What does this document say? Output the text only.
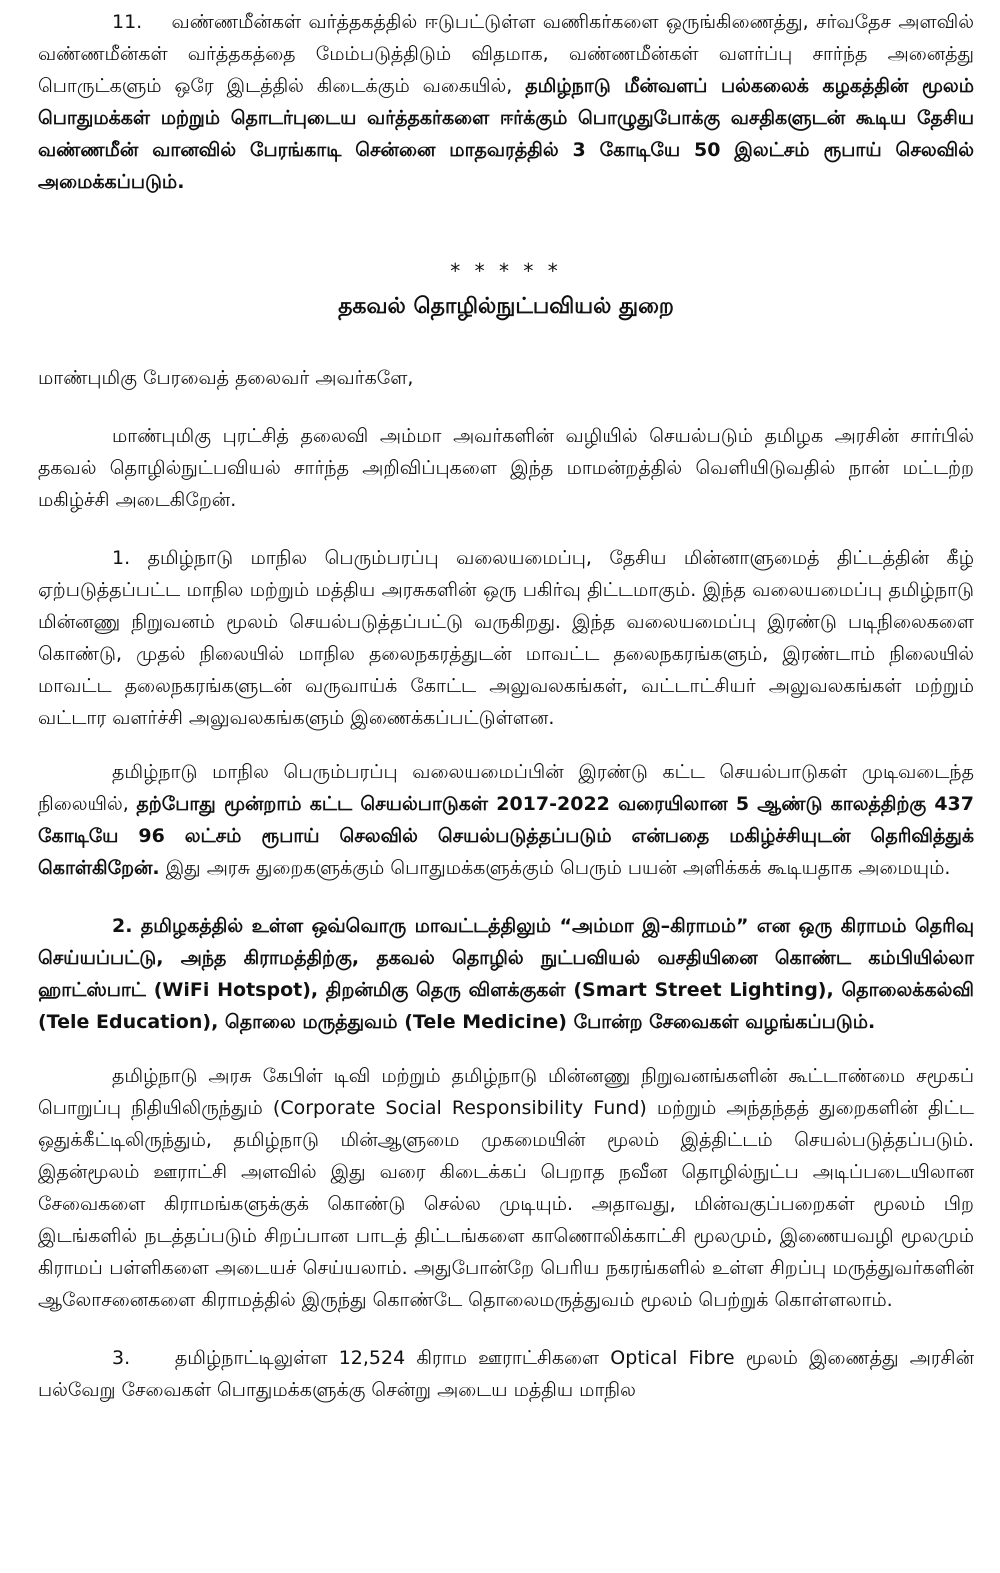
11. வண்ணமீன்கள் வர்த்தகத்தில் ஈடுபட்டுள்ள வணிகர்களை ஒருங்கிணைத்து, சர்வதேச அளவில் வண்ணமீன்கள் வர்த்தகத்தை மேம்படுத்திடும் விதமாக, வண்ணமீன்கள் வளர்ப்பு சார்ந்த அனைத்து பொருட்களும் ஒரே இடத்தில் கிடைக்கும் வகையில், தமிழ்நாடு மீன்வளப் பல்கலைக் கழகத்தின் மூலம் பொதுமக்கள் மற்றும் தொடர்புடைய வர்த்தகர்களை ஈர்க்கும் பொழுதுபோக்கு வசதிகளுடன் கூடிய தேசிய வண்ணமீன் வானவில் பேரங்காடி சென்னை மாதவரத்தில் 3 கோடியே 50 இலட்சம் ரூபாய் செலவில் அமைக்கப்படும்.

* * * * *
தகவல் தொழில்நுட்பவியல் துறை

மாண்புமிகு பேரவைத் தலைவர் அவர்களே,

மாண்புமிகு புரட்சித் தலைவி அம்மா அவர்களின் வழியில் செயல்படும் தமிழக அரசின் சார்பில் தகவல் தொழில்நுட்பவியல் சார்ந்த அறிவிப்புகளை இந்த மாமன்றத்தில் வெளியிடுவதில் நான் மட்டற்ற மகிழ்ச்சி அடைகிறேன்.

1. தமிழ்நாடு மாநில பெரும்பரப்பு வலையமைப்பு, தேசிய மின்னாளுமைத் திட்டத்தின் கீழ் ஏற்படுத்தப்பட்ட மாநில மற்றும் மத்திய அரசுகளின் ஒரு பகிர்வு திட்டமாகும். இந்த வலையமைப்பு தமிழ்நாடு மின்னணு நிறுவனம் மூலம் செயல்படுத்தப்பட்டு வருகிறது. இந்த வலையமைப்பு இரண்டு படிநிலைகளை கொண்டு, முதல் நிலையில் மாநில தலைநகரத்துடன் மாவட்ட தலைநகரங்களும், இரண்டாம் நிலையில் மாவட்ட தலைநகரங்களுடன் வருவாய்க் கோட்ட அலுவலகங்கள், வட்டாட்சியர் அலுவலகங்கள் மற்றும் வட்டார வளர்ச்சி அலுவலகங்களும் இணைக்கப்பட்டுள்ளன.

தமிழ்நாடு மாநில பெரும்பரப்பு வலையமைப்பின் இரண்டு கட்ட செயல்பாடுகள் முடிவடைந்த நிலையில், தற்போது மூன்றாம் கட்ட செயல்பாடுகள் 2017-2022 வரையிலான 5 ஆண்டு காலத்திற்கு 437 கோடியே 96 லட்சம் ரூபாய் செலவில் செயல்படுத்தப்படும் என்பதை மகிழ்ச்சியுடன் தெரிவித்துக் கொள்கிறேன். இது அரசு துறைகளுக்கும் பொதுமக்களுக்கும் பெரும் பயன் அளிக்கக் கூடியதாக அமையும்.

2. தமிழகத்தில் உள்ள ஒவ்வொரு மாவட்டத்திலும் “அம்மா இ–கிராமம்” என ஒரு கிராமம் தெரிவு செய்யப்பட்டு, அந்த கிராமத்திற்கு, தகவல் தொழில் நுட்பவியல் வசதியினை கொண்ட கம்பியில்லா ஹாட்ஸ்பாட் (WiFi Hotspot), திறன்மிகு தெரு விளக்குகள் (Smart Street Lighting), தொலைக்கல்வி (Tele Education), தொலை மருத்துவம் (Tele Medicine) போன்ற சேவைகள் வழங்கப்படும்.

தமிழ்நாடு அரசு கேபிள் டிவி மற்றும் தமிழ்நாடு மின்னணு நிறுவனங்களின் கூட்டாண்மை சமூகப் பொறுப்பு நிதியிலிருந்தும் (Corporate Social Responsibility Fund) மற்றும் அந்தந்தத் துறைகளின் திட்ட ஒதுக்கீட்டிலிருந்தும், தமிழ்நாடு மின்ஆளுமை முகமையின் மூலம் இத்திட்டம் செயல்படுத்தப்படும். இதன்மூலம் ஊராட்சி அளவில் இது வரை கிடைக்கப் பெறாத நவீன தொழில்நுட்ப அடிப்படையிலான சேவைகளை கிராமங்களுக்குக் கொண்டு செல்ல முடியும். அதாவது, மின்வகுப்பறைகள் மூலம் பிற இடங்களில் நடத்தப்படும் சிறப்பான பாடத் திட்டங்களை காணொலிக்காட்சி மூலமும், இணையவழி மூலமும் கிராமப் பள்ளிகளை அடையச் செய்யலாம். அதுபோன்றே பெரிய நகரங்களில் உள்ள சிறப்பு மருத்துவர்களின் ஆலோசனைகளை கிராமத்தில் இருந்து கொண்டே தொலைமருத்துவம் மூலம் பெற்றுக் கொள்ளலாம்.

3. தமிழ்நாட்டிலுள்ள 12,524 கிராம ஊராட்சிகளை Optical Fibre மூலம் இணைத்து அரசின் பல்வேறு சேவைகள் பொதுமக்களுக்கு சென்று அடைய மத்திய மாநில
